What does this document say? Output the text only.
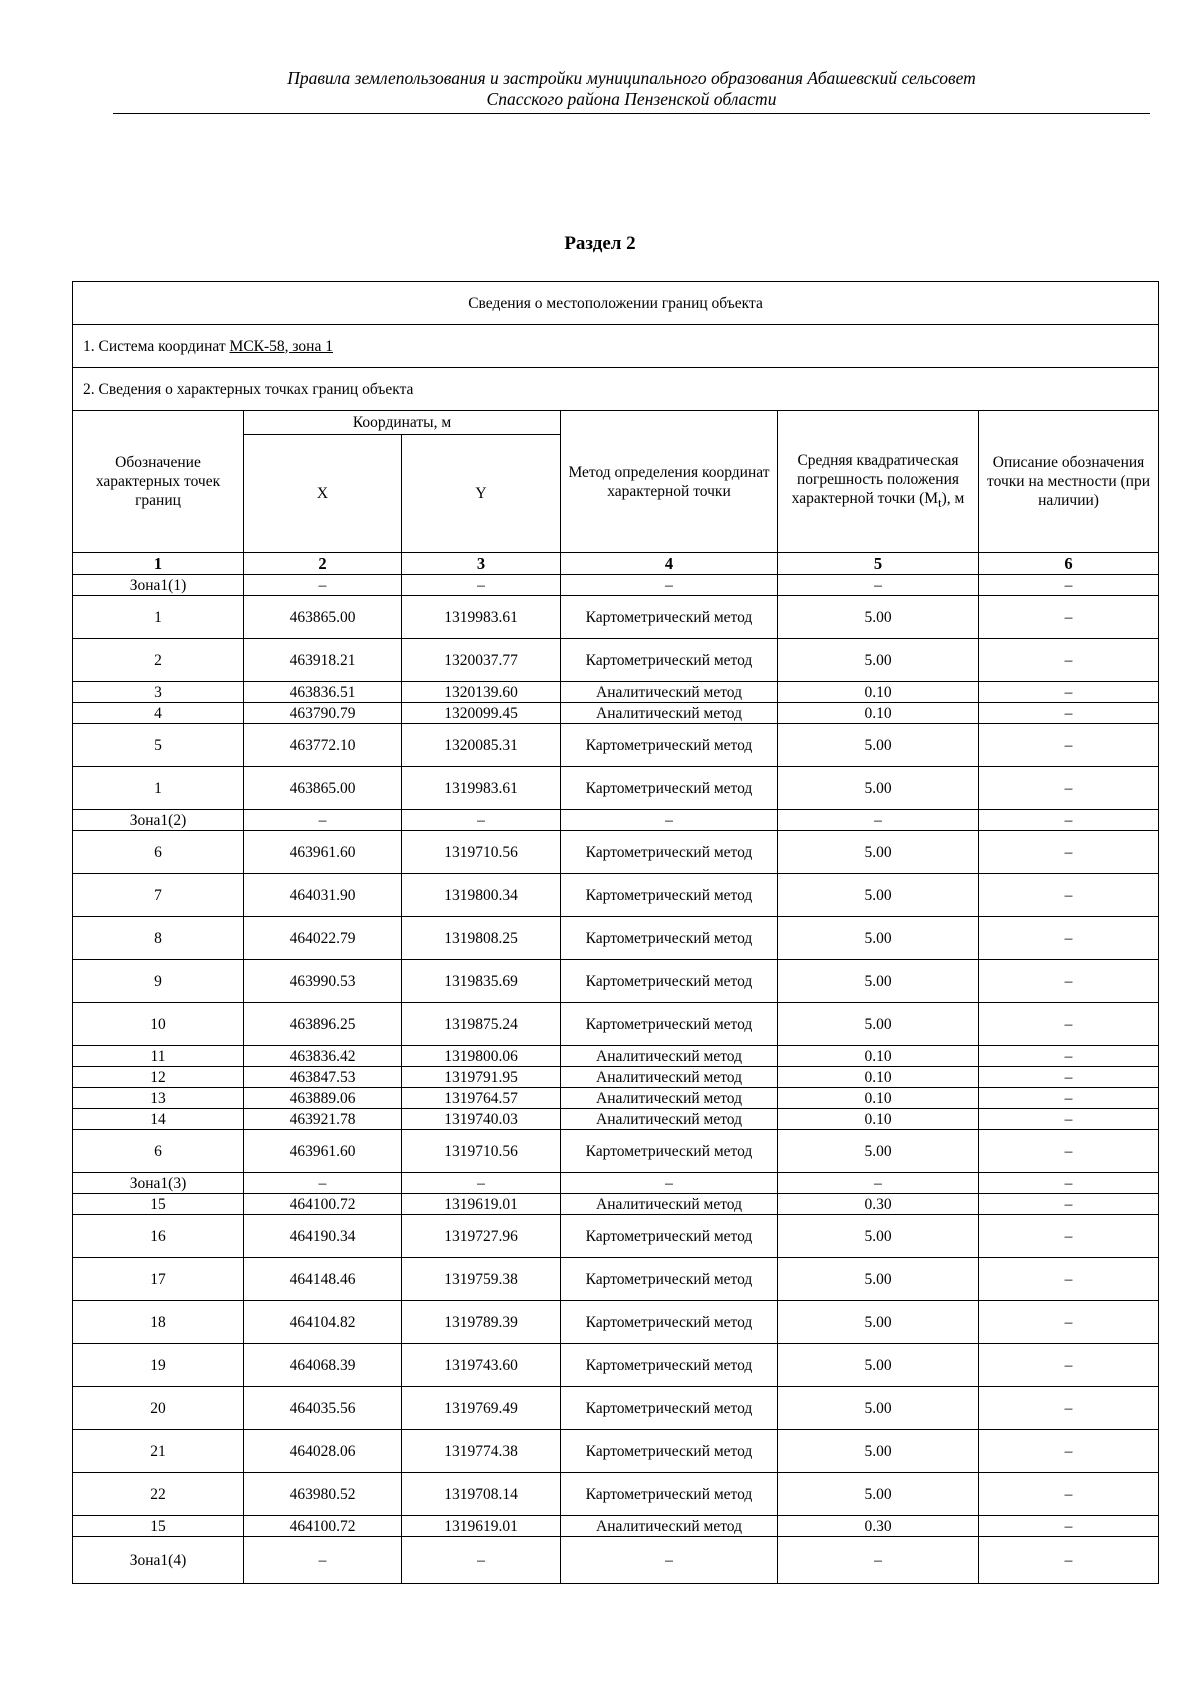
Правила землепользования и застройки муниципального образования Абашевский сельсовет
Спасского района Пензенской области
Раздел 2
Сведения о местоположении границ объекта					
1. Система координат МСК-58, зона 1					
2. Сведения о характерных точках границ объекта					
Обозначение характерных точек границ	Координаты, м		Метод определения координат характерной точки	Средняя квадратическая погрешность положения характерной точки $(M_t)$, м	Описание обозначения точки на местности (при наличии)
	X	Y			
1	2	3	4	5	6
Зона1(1)	–	–	–	–	–
1	463865.00	1319983.61	Картометрический метод	5.00	–
2	463918.21	1320037.77	Картометрический метод	5.00	–
3	463836.51	1320139.60	Аналитический метод	0.10	–
4	463790.79	1320099.45	Аналитический метод	0.10	–
5	463772.10	1320085.31	Картометрический метод	5.00	–
1	463865.00	1319983.61	Картометрический метод	5.00	–
Зона1(2)	–	–	–	–	–
6	463961.60	1319710.56	Картометрический метод	5.00	–
7	464031.90	1319800.34	Картометрический метод	5.00	–
8	464022.79	1319808.25	Картометрический метод	5.00	–
9	463990.53	1319835.69	Картометрический метод	5.00	–
10	463896.25	1319875.24	Картометрический метод	5.00	–
11	463836.42	1319800.06	Аналитический метод	0.10	–
12	463847.53	1319791.95	Аналитический метод	0.10	–
13	463889.06	1319764.57	Аналитический метод	0.10	–
14	463921.78	1319740.03	Аналитический метод	0.10	–
6	463961.60	1319710.56	Картометрический метод	5.00	–
Зона1(3)	–	–	–	–	–
15	464100.72	1319619.01	Аналитический метод	0.30	–
16	464190.34	1319727.96	Картометрический метод	5.00	–
17	464148.46	1319759.38	Картометрический метод	5.00	–
18	464104.82	1319789.39	Картометрический метод	5.00	–
19	464068.39	1319743.60	Картометрический метод	5.00	–
20	464035.56	1319769.49	Картометрический метод	5.00	–
21	464028.06	1319774.38	Картометрический метод	5.00	–
22	463980.52	1319708.14	Картометрический метод	5.00	–
15	464100.72	1319619.01	Аналитический метод	0.30	–
Зона1(4)	–	–	–	–	–
